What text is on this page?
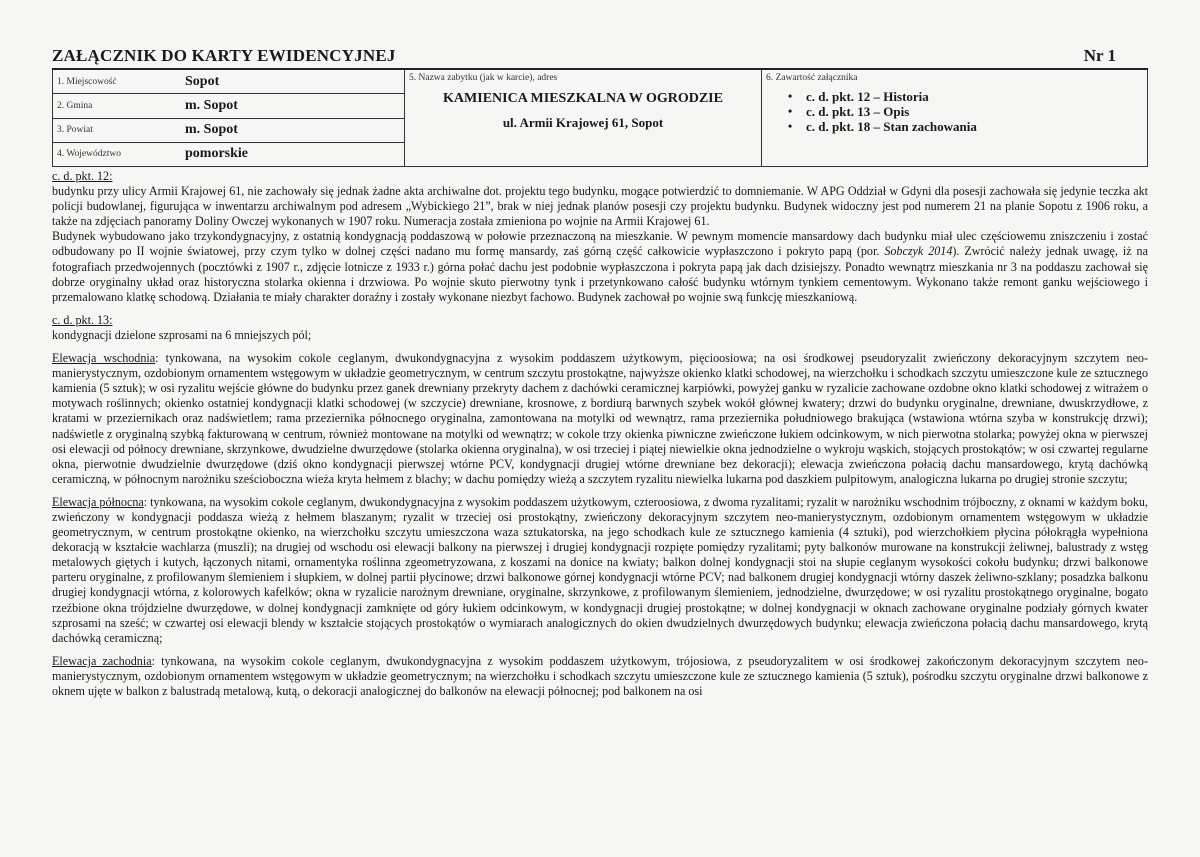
ZAŁĄCZNIK DO KARTY EWIDENCYJNEJ	Nr 1
1. Miejscowość	Sopot
2. Gmina	m. Sopot
3. Powiat	m. Sopot
4. Województwo	pomorskie
5. Nazwa zabytku (jak w karcie), adres
KAMIENICA MIESZKALNA W OGRODZIE
ul. Armii Krajowej 61, Sopot
6. Zawartość załącznika
• c. d. pkt. 12 – Historia
• c. d. pkt. 13 – Opis
• c. d. pkt. 18 – Stan zachowania

c. d. pkt. 12:

budynku przy ulicy Armii Krajowej 61, nie zachowały się jednak żadne akta archiwalne dot. projektu tego budynku, mogące potwierdzić to domniemanie. W APG Oddział w Gdyni dla posesji zachowała się jedynie teczka akt policji budowlanej, figurująca w inwentarzu archiwalnym pod adresem „Wybickiego 21”, brak w niej jednak planów posesji czy projektu budynku. Budynek widoczny jest pod numerem 21 na planie Sopotu z 1906 roku, a także na zdjęciach panoramy Doliny Owczej wykonanych w 1907 roku. Numeracja została zmieniona po wojnie na Armii Krajowej 61.

Budynek wybudowano jako trzykondygnacyjny, z ostatnią kondygnacją poddaszową w połowie przeznaczoną na mieszkanie. W pewnym momencie mansardowy dach budynku miał ulec częściowemu zniszczeniu i zostać odbudowany po II wojnie światowej, przy czym tylko w dolnej części nadano mu formę mansardy, zaś górną część całkowicie wypłaszczono i pokryto papą (por. Sobczyk 2014). Zwrócić należy jednak uwagę, iż na fotografiach przedwojennych (pocztówki z 1907 r., zdjęcie lotnicze z 1933 r.) górna połać dachu jest podobnie wypłaszczona i pokryta papą jak dach dzisiejszy. Ponadto wewnątrz mieszkania nr 3 na poddaszu zachował się dobrze oryginalny układ oraz historyczna stolarka okienna i drzwiowa. Po wojnie skuto pierwotny tynk i przetynkowano całość budynku wtórnym tynkiem cementowym. Wykonano także remont ganku wejściowego i przemalowano klatkę schodową. Działania te miały charakter doraźny i zostały wykonane niezbyt fachowo. Budynek zachował po wojnie swą funkcję mieszkaniową.

c. d. pkt. 13:

kondygnacji dzielone szprosami na 6 mniejszych pól;

Elewacja wschodnia: tynkowana, na wysokim cokole ceglanym, dwukondygnacyjna z wysokim poddaszem użytkowym, pięcioosiowa; na osi środkowej pseudoryzalit zwieńczony dekoracyjnym szczytem neo-manierystycznym, ozdobionym ornamentem wstęgowym w układzie geometrycznym, w centrum szczytu prostokątne, najwyższe okienko klatki schodowej, na wierzchołku i schodkach szczytu umieszczone kule ze sztucznego kamienia (5 sztuk); w osi ryzalitu wejście główne do budynku przez ganek drewniany przekryty dachem z dachówki ceramicznej karpiówki, powyżej ganku w ryzalicie zachowane ozdobne okno klatki schodowej z witrażem o motywach roślinnych; okienko ostatniej kondygnacji klatki schodowej (w szczycie) drewniane, krosnowe, z bordiurą barwnych szybek wokół głównej kwatery; drzwi do budynku oryginalne, drewniane, dwuskrzydłowe, z kratami w przeziernikach oraz nadświetlem; rama przeziernika północnego oryginalna, zamontowana na motylki od wewnątrz, rama przeziernika południowego brakująca (wstawiona wtórna szyba w konstrukcję drzwi); nadświetle z oryginalną szybką fakturowaną w centrum, również montowane na motylki od wewnątrz; w cokole trzy okienka piwniczne zwieńczone łukiem odcinkowym, w nich pierwotna stolarka; powyżej okna w pierwszej osi elewacji od północy drewniane, skrzynkowe, dwudzielne dwurzędowe (stolarka okienna oryginalna), w osi trzeciej i piątej niewielkie okna jednodzielne o wykroju wąskich, stojących prostokątów; w osi czwartej regularne okna, pierwotnie dwudzielnie dwurzędowe (dziś okno kondygnacji pierwszej wtórne PCV, kondygnacji drugiej wtórne drewniane bez dekoracji); elewacja zwieńczona połacią dachu mansardowego, krytą dachówką ceramiczną, w północnym narożniku sześcioboczna wieża kryta hełmem z blachy; w dachu pomiędzy wieżą a szczytem ryzalitu niewielka lukarna pod daszkiem pulpitowym, analogiczna lukarna po drugiej stronie szczytu;

Elewacja północna: tynkowana, na wysokim cokole ceglanym, dwukondygnacyjna z wysokim poddaszem użytkowym, czteroosiowa, z dwoma ryzalitami; ryzalit w narożniku wschodnim trójboczny, z oknami w każdym boku, zwieńczony w kondygnacji poddasza wieżą z hełmem blaszanym; ryzalit w trzeciej osi prostokątny, zwieńczony dekoracyjnym szczytem neo-manierystycznym, ozdobionym ornamentem wstęgowym w układzie geometrycznym, w centrum prostokątne okienko, na wierzchołku szczytu umieszczona waza sztukatorska, na jego schodkach kule ze sztucznego kamienia (4 sztuki), pod wierzchołkiem płycina półokrągła wypełniona dekoracją w kształcie wachlarza (muszli); na drugiej od wschodu osi elewacji balkony na pierwszej i drugiej kondygnacji rozpięte pomiędzy ryzalitami; pyty balkonów murowane na konstrukcji żeliwnej, balustrady z wstęg metalowych giętych i kutych, łączonych nitami, ornamentyka roślinna zgeometryzowana, z koszami na donice na kwiaty; balkon dolnej kondygnacji stoi na słupie ceglanym wysokości cokołu budynku; drzwi balkonowe parteru oryginalne, z profilowanym ślemieniem i słupkiem, w dolnej partii płycinowe; drzwi balkonowe górnej kondygnacji wtórne PCV; nad balkonem drugiej kondygnacji wtórny daszek żeliwno-szklany; posadzka balkonu drugiej kondygnacji wtórna, z kolorowych kafelków; okna w ryzalicie narożnym drewniane, oryginalne, skrzynkowe, z profilowanym ślemieniem, jednodzielne, dwurzędowe; w osi ryzalitu prostokątnego oryginalne, bogato rzeźbione okna trójdzielne dwurzędowe, w dolnej kondygnacji zamknięte od góry łukiem odcinkowym, w kondygnacji drugiej prostokątne; w dolnej kondygnacji w oknach zachowane oryginalne podziały górnych kwater szprosami na sześć; w czwartej osi elewacji blendy w kształcie stojących prostokątów o wymiarach analogicznych do okien dwudzielnych dwurzędowych budynku; elewacja zwieńczona połacią dachu mansardowego, krytą dachówką ceramiczną;

Elewacja zachodnia: tynkowana, na wysokim cokole ceglanym, dwukondygnacyjna z wysokim poddaszem użytkowym, trójosiowa, z pseudoryzalitem w osi środkowej zakończonym dekoracyjnym szczytem neo-manierystycznym, ozdobionym ornamentem wstęgowym w układzie geometrycznym; na wierzchołku i schodkach szczytu umieszczone kule ze sztucznego kamienia (5 sztuk), pośrodku szczytu oryginalne drzwi balkonowe z oknem ujęte w balkon z balustradą metalową, kutą, o dekoracji analogicznej do balkonów na elewacji północnej; pod balkonem na osi
